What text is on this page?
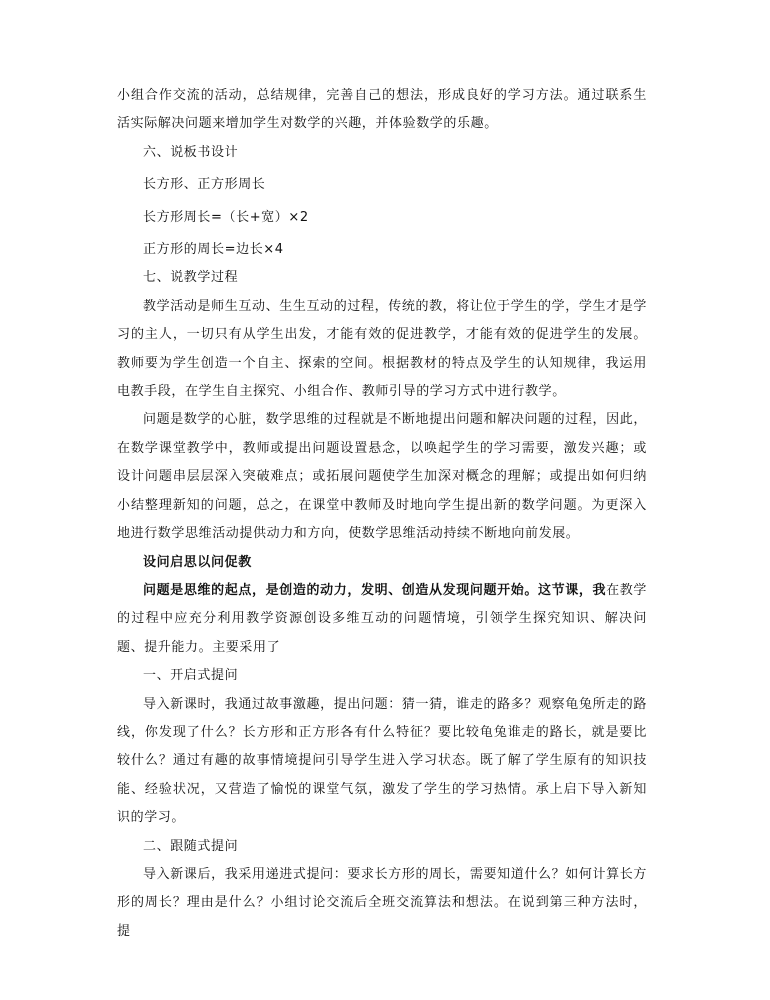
小组合作交流的活动，总结规律，完善自己的想法，形成良好的学习方法。通过联系生活实际解决问题来增加学生对数学的兴趣，并体验数学的乐趣。

六、说板书设计

长方形、正方形周长

长方形周长=（长+宽）×2

正方形的周长=边长×4

七、说教学过程

教学活动是师生互动、生生互动的过程，传统的教，将让位于学生的学，学生才是学习的主人，一切只有从学生出发，才能有效的促进教学，才能有效的促进学生的发展。教师要为学生创造一个自主、探索的空间。根据教材的特点及学生的认知规律，我运用电教手段，在学生自主探究、小组合作、教师引导的学习方式中进行教学。

问题是数学的心脏，数学思维的过程就是不断地提出问题和解决问题的过程，因此，在数学课堂教学中，教师或提出问题设置悬念，以唤起学生的学习需要，激发兴趣；或设计问题串层层深入突破难点；或拓展问题使学生加深对概念的理解；或提出如何归纳小结整理新知的问题，总之，在课堂中教师及时地向学生提出新的数学问题。为更深入地进行数学思维活动提供动力和方向，使数学思维活动持续不断地向前发展。

设问启思以问促教

问题是思维的起点，是创造的动力，发明、创造从发现问题开始。这节课，我在教学的过程中应充分利用教学资源创设多维互动的问题情境，引领学生探究知识、解决问题、提升能力。主要采用了

一、开启式提问

导入新课时，我通过故事激趣，提出问题：猜一猜，谁走的路多？观察龟兔所走的路线，你发现了什么？长方形和正方形各有什么特征？要比较龟兔谁走的路长，就是要比较什么？通过有趣的故事情境提问引导学生进入学习状态。既了解了学生原有的知识技能、经验状况，又营造了愉悦的课堂气氛，激发了学生的学习热情。承上启下导入新知识的学习。

二、跟随式提问

导入新课后，我采用递进式提问：要求长方形的周长，需要知道什么？如何计算长方形的周长？理由是什么？小组讨论交流后全班交流算法和想法。在说到第三种方法时，提
